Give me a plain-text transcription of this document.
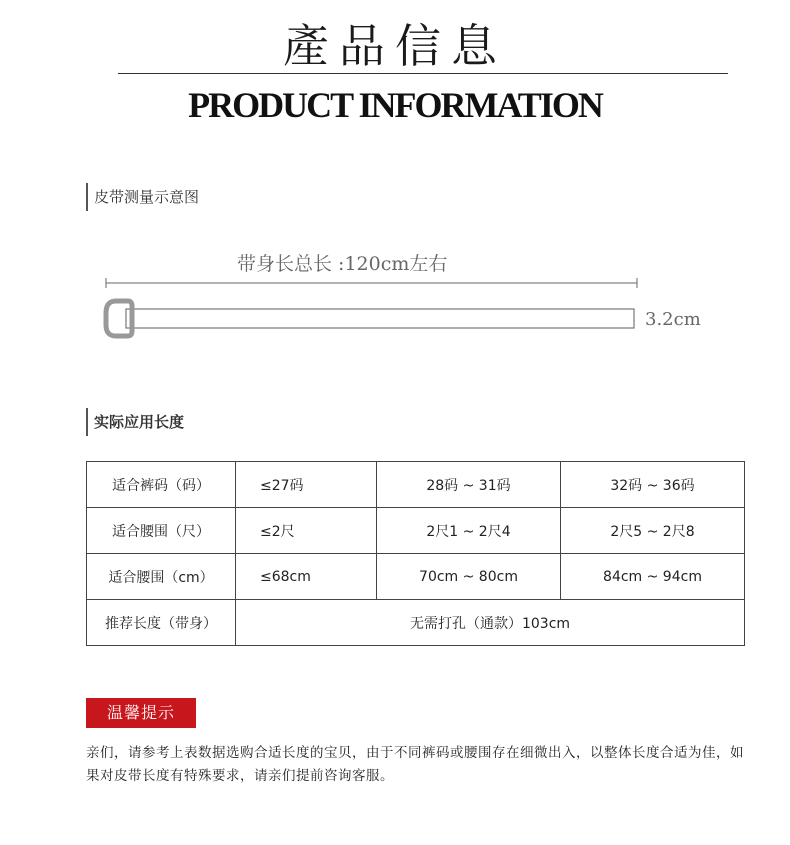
產品信息
PRODUCT INFORMATION
皮带测量示意图
带身长总长 :120cm左右
3.2cm
实际应用长度
适合裤码（码）	≤27码	28码 ~ 31码	32码 ~ 36码
适合腰围（尺）	≤2尺	2尺1 ~ 2尺4	2尺5 ~ 2尺8
适合腰围（cm）	≤68cm	70cm ~ 80cm	84cm ~ 94cm
推荐长度（带身）	无需打孔（通款）103cm		
温馨提示
亲们，请参考上表数据选购合适长度的宝贝，由于不同裤码或腰围存在细微出入，以整体长度合适为佳，如果对皮带长度有特殊要求，请亲们提前咨询客服。
